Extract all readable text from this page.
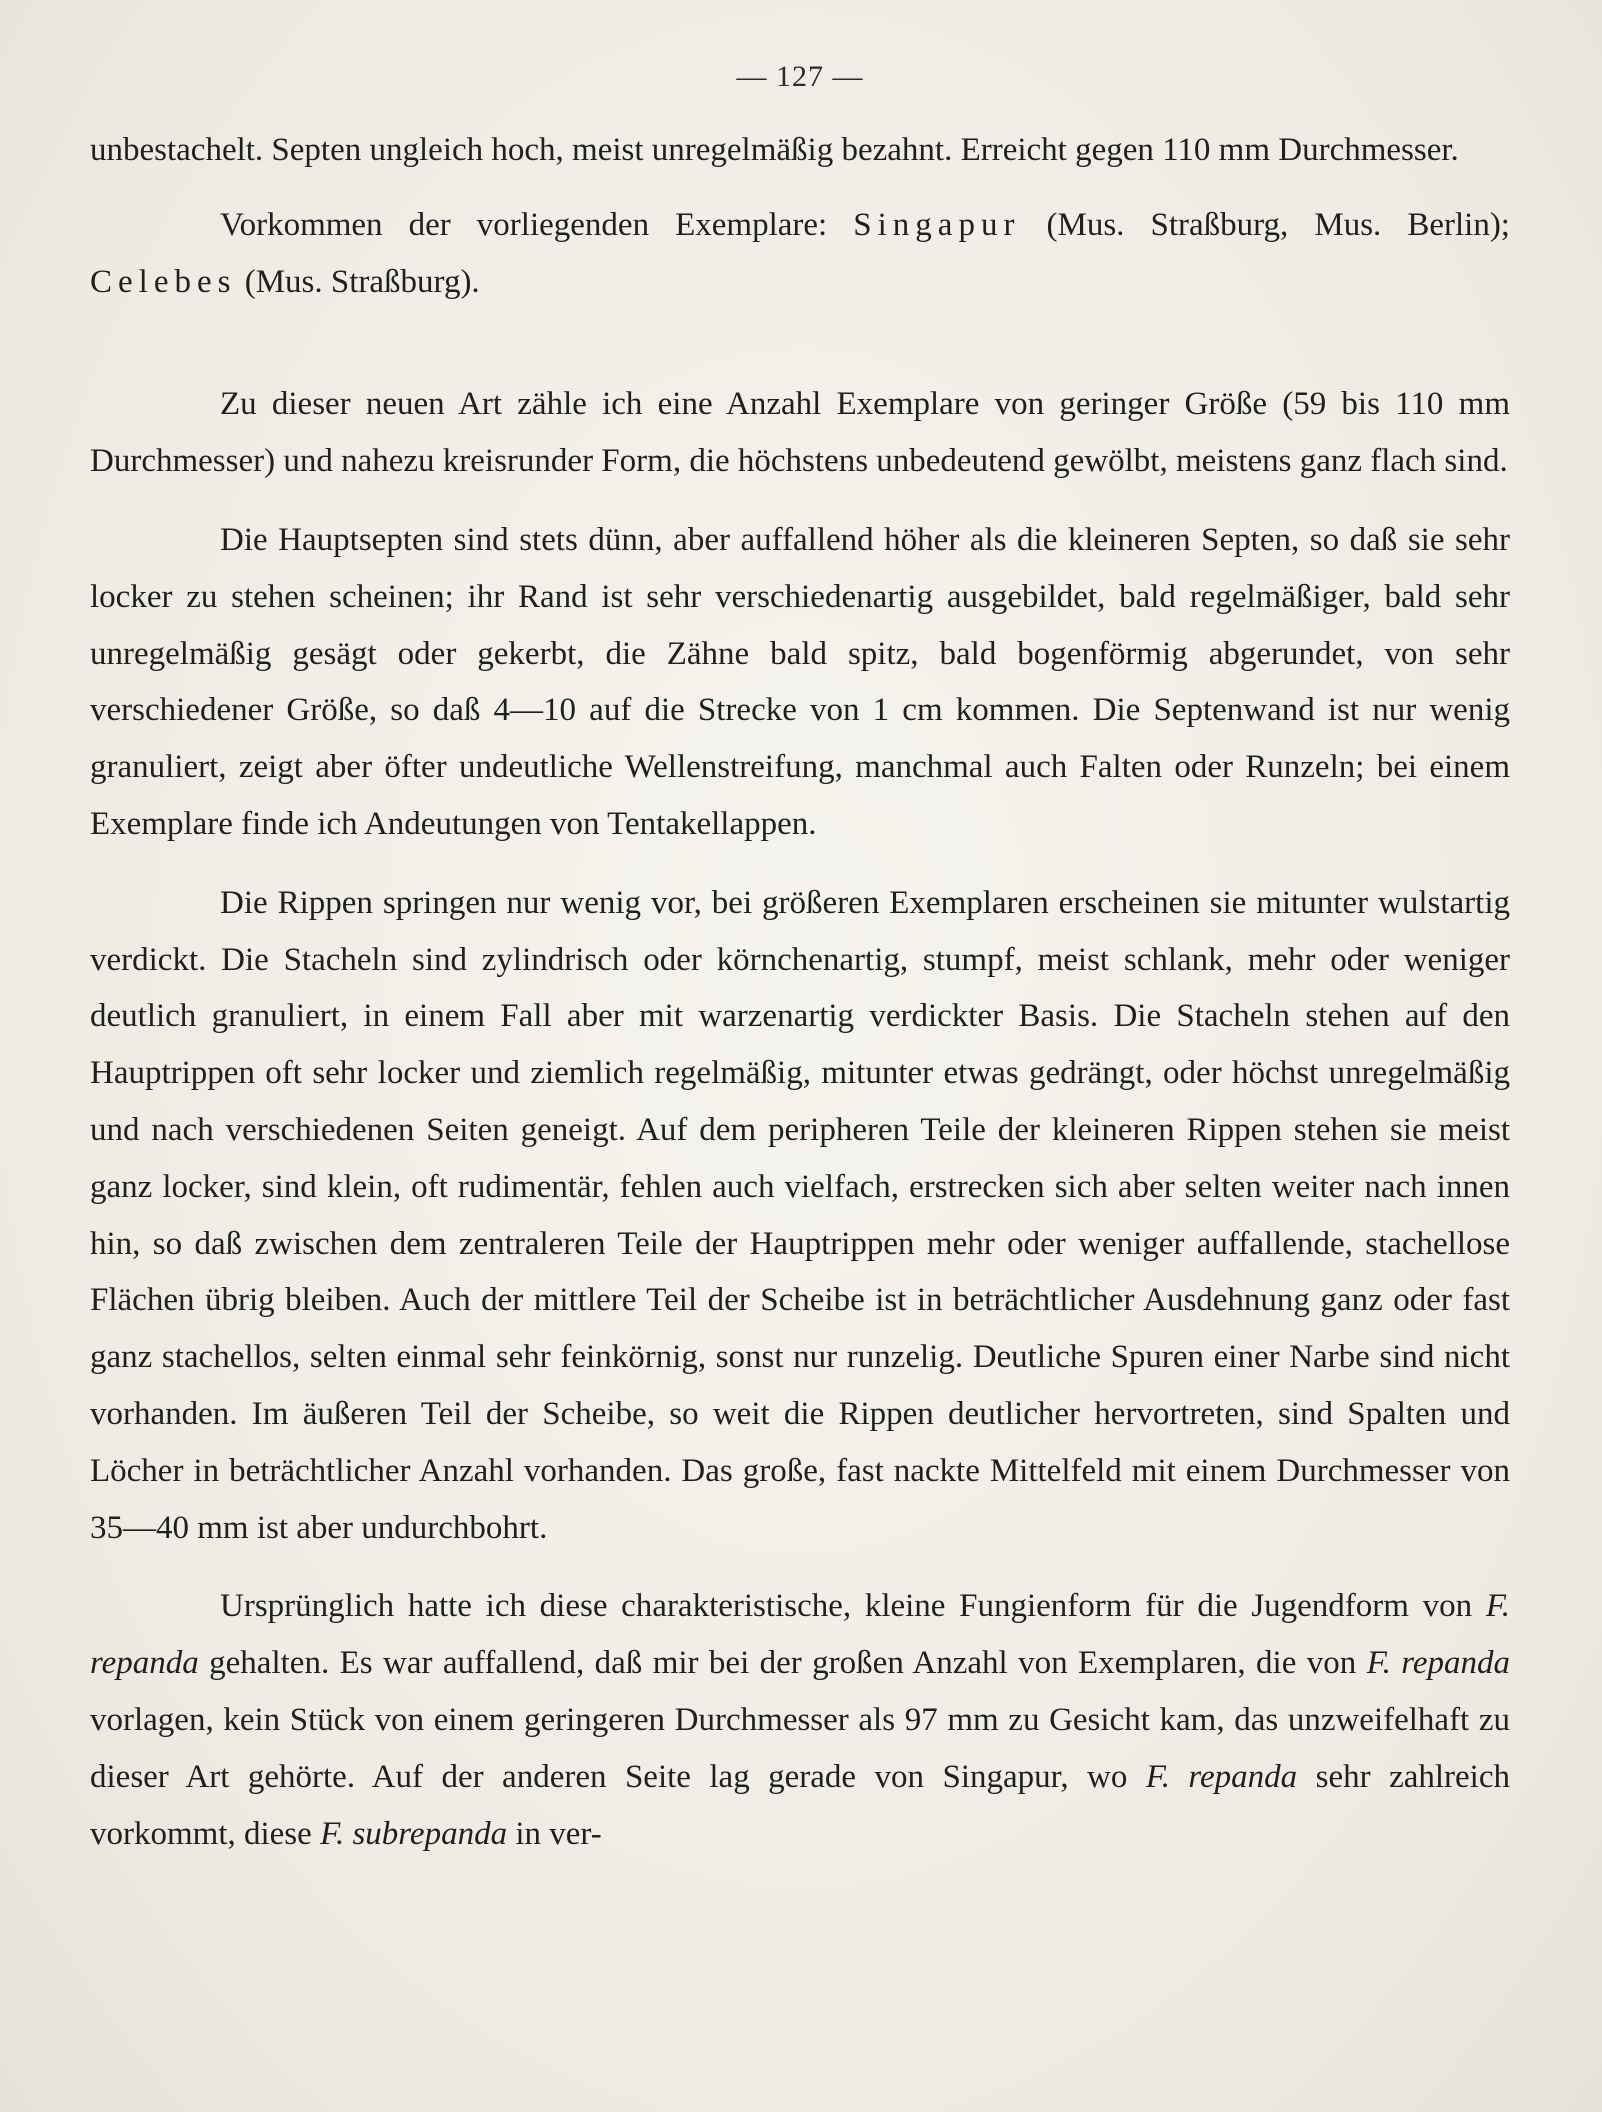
— 127 —

unbestachelt. Septen ungleich hoch, meist unregelmäßig bezahnt. Erreicht gegen 110 mm Durchmesser.

Vorkommen der vorliegenden Exemplare: Singapur (Mus. Straßburg, Mus. Berlin); Celebes (Mus. Straßburg).

Zu dieser neuen Art zähle ich eine Anzahl Exemplare von geringer Größe (59 bis 110 mm Durchmesser) und nahezu kreisrunder Form, die höchstens unbedeutend gewölbt, meistens ganz flach sind.

Die Hauptsepten sind stets dünn, aber auffallend höher als die kleineren Septen, so daß sie sehr locker zu stehen scheinen; ihr Rand ist sehr verschiedenartig ausgebildet, bald regelmäßiger, bald sehr unregelmäßig gesägt oder gekerbt, die Zähne bald spitz, bald bogenförmig abgerundet, von sehr verschiedener Größe, so daß 4—10 auf die Strecke von 1 cm kommen. Die Septenwand ist nur wenig granuliert, zeigt aber öfter undeutliche Wellenstreifung, manchmal auch Falten oder Runzeln; bei einem Exemplare finde ich Andeutungen von Tentakellappen.

Die Rippen springen nur wenig vor, bei größeren Exemplaren erscheinen sie mitunter wulstartig verdickt. Die Stacheln sind zylindrisch oder körnchenartig, stumpf, meist schlank, mehr oder weniger deutlich granuliert, in einem Fall aber mit warzenartig verdickter Basis. Die Stacheln stehen auf den Hauptrippen oft sehr locker und ziemlich regelmäßig, mitunter etwas gedrängt, oder höchst unregelmäßig und nach verschiedenen Seiten geneigt. Auf dem peripheren Teile der kleineren Rippen stehen sie meist ganz locker, sind klein, oft rudimentär, fehlen auch vielfach, erstrecken sich aber selten weiter nach innen hin, so daß zwischen dem zentraleren Teile der Hauptrippen mehr oder weniger auffallende, stachellose Flächen übrig bleiben. Auch der mittlere Teil der Scheibe ist in beträchtlicher Ausdehnung ganz oder fast ganz stachellos, selten einmal sehr feinkörnig, sonst nur runzelig. Deutliche Spuren einer Narbe sind nicht vorhanden. Im äußeren Teil der Scheibe, so weit die Rippen deutlicher hervortreten, sind Spalten und Löcher in beträchtlicher Anzahl vorhanden. Das große, fast nackte Mittelfeld mit einem Durchmesser von 35—40 mm ist aber undurchbohrt.

Ursprünglich hatte ich diese charakteristische, kleine Fungienform für die Jugendform von F. repanda gehalten. Es war auffallend, daß mir bei der großen Anzahl von Exemplaren, die von F. repanda vorlagen, kein Stück von einem geringeren Durchmesser als 97 mm zu Gesicht kam, das unzweifelhaft zu dieser Art gehörte. Auf der anderen Seite lag gerade von Singapur, wo F. repanda sehr zahlreich vorkommt, diese F. subrepanda in ver-
